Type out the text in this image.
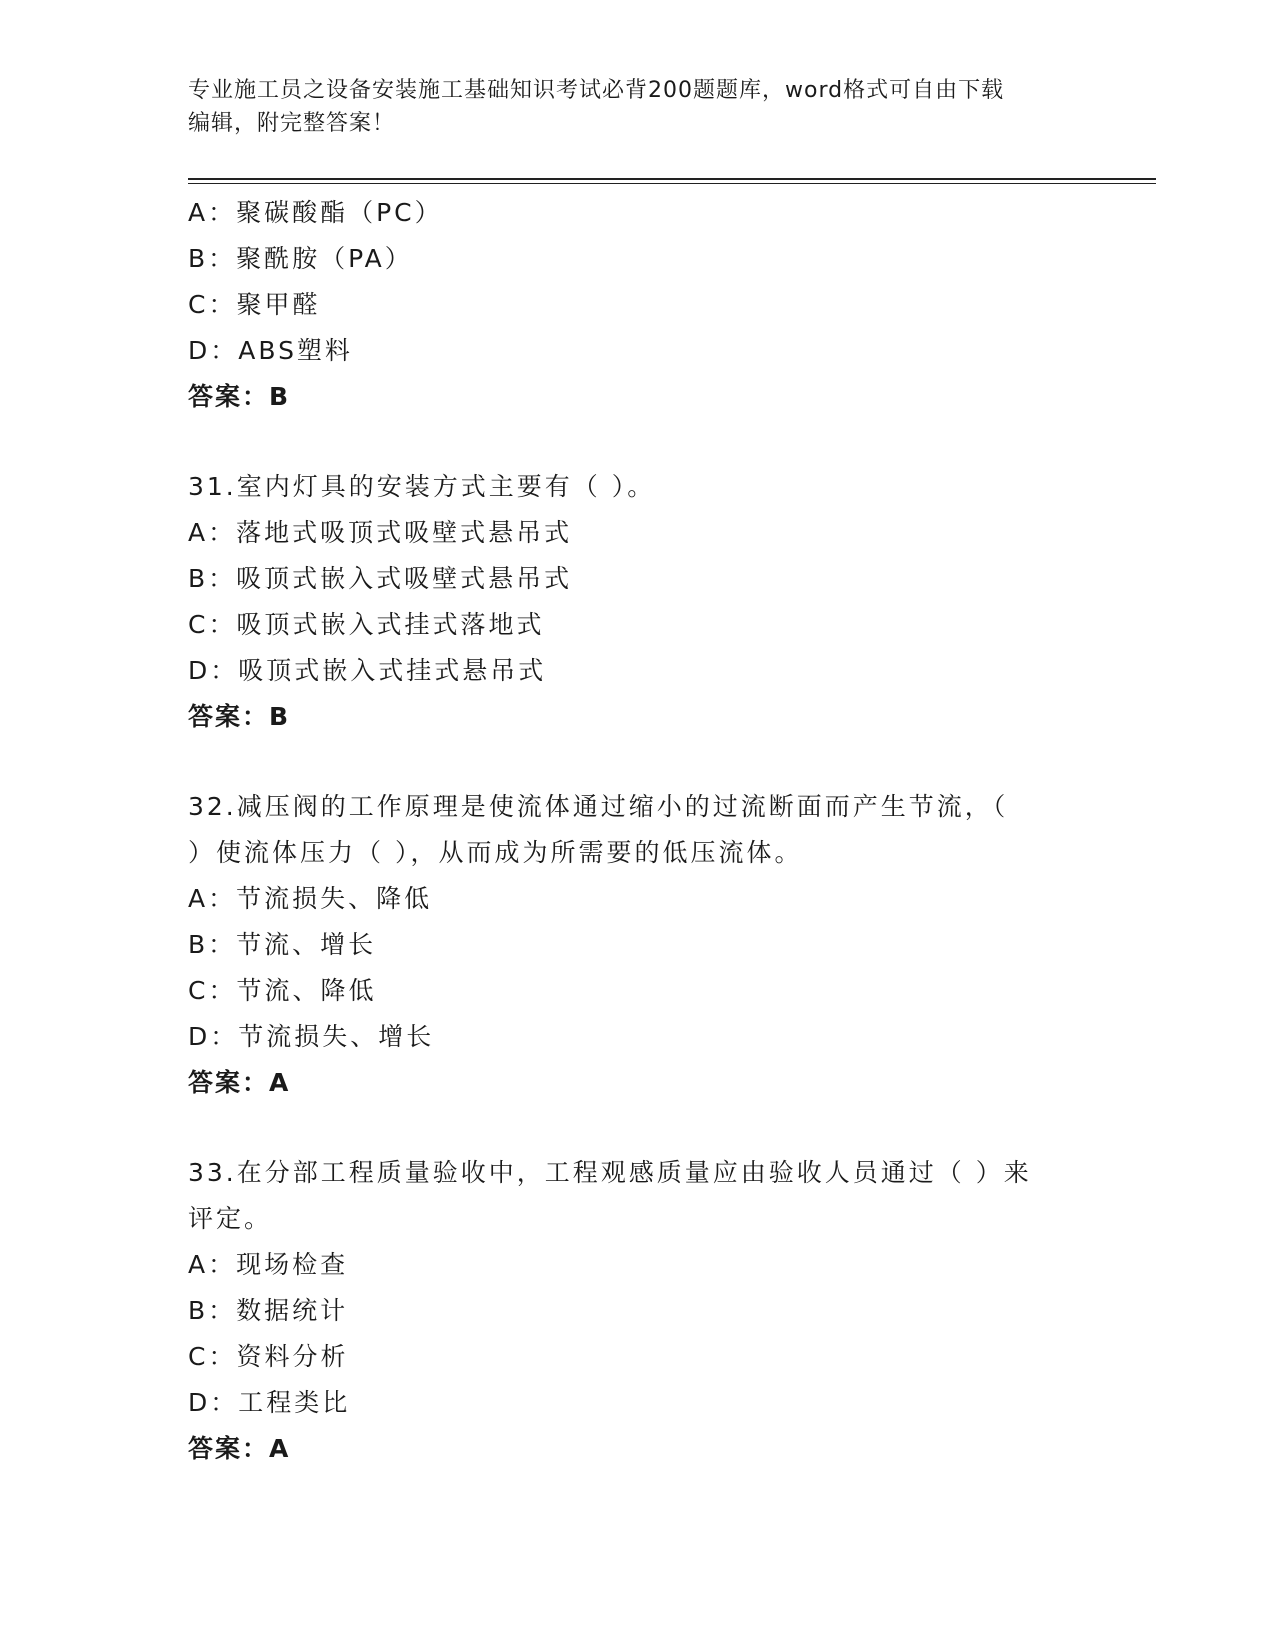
专业施工员之设备安装施工基础知识考试必背200题题库，word格式可自由下载
编辑，附完整答案！
A：聚碳酸酯（PC）
B：聚酰胺（PA）
C：聚甲醛
D：ABS塑料
答案：B
31.室内灯具的安装方式主要有（ ）。
A：落地式吸顶式吸壁式悬吊式
B：吸顶式嵌入式吸壁式悬吊式
C：吸顶式嵌入式挂式落地式
D：吸顶式嵌入式挂式悬吊式
答案：B
32.减压阀的工作原理是使流体通过缩小的过流断面而产生节流，（
）使流体压力（ ），从而成为所需要的低压流体。
A：节流损失、降低
B：节流、增长
C：节流、降低
D：节流损失、增长
答案：A
33.在分部工程质量验收中，工程观感质量应由验收人员通过（ ）来
评定。
A：现场检查
B：数据统计
C：资料分析
D：工程类比
答案：A
